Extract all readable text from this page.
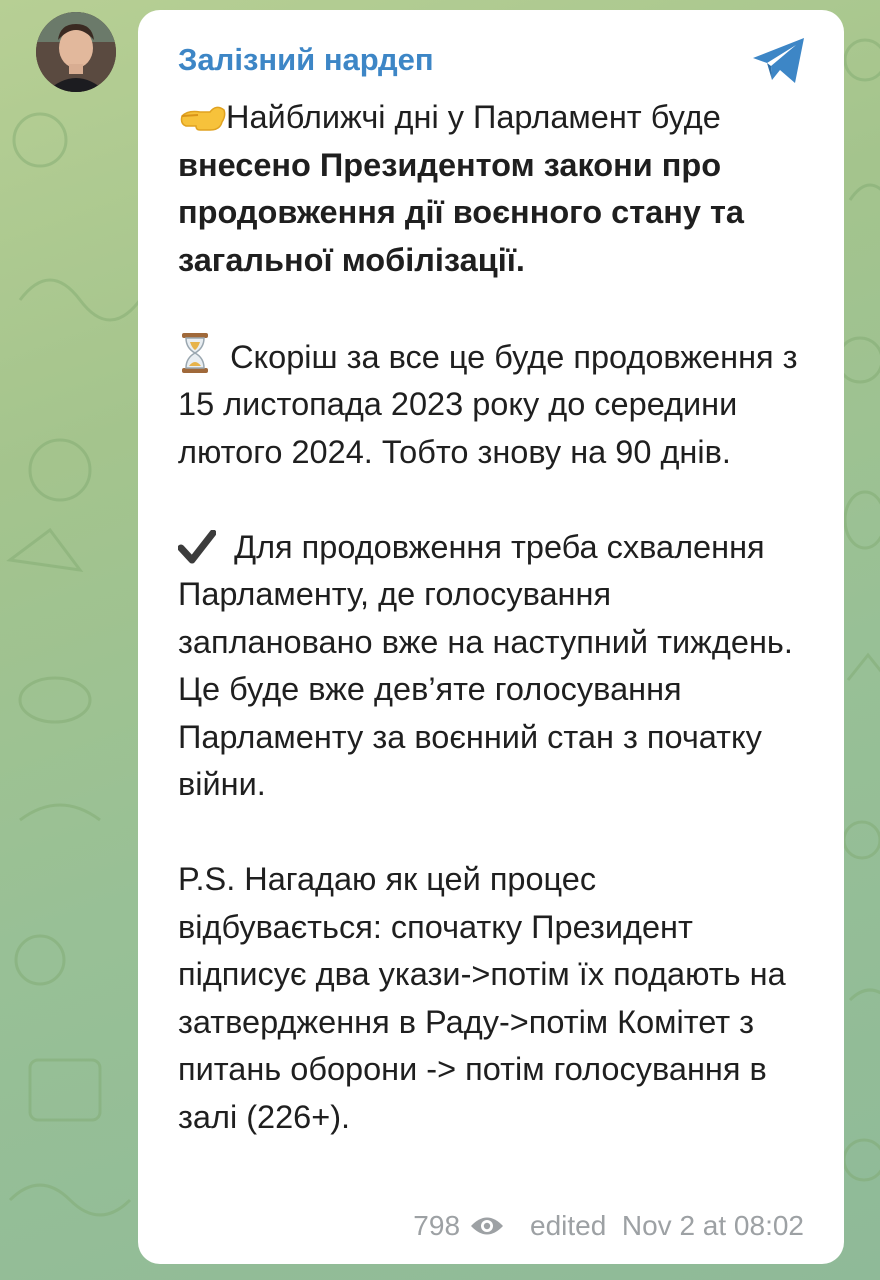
Залізний нардеп

Найближчі дні у Парламент буде внесено Президентом закони про продовження дії воєнного стану та загальної мобілізації.

Скоріш за все це буде продовження з 15 листопада 2023 року до середини лютого 2024. Тобто знову на 90 днів.

Для продовження треба схвалення Парламенту, де голосування заплановано вже на наступний тиждень. Це буде вже дев’яте голосування Парламенту за воєнний стан з початку війни.

P.S. Нагадаю як цей процес відбувається: спочатку Президент підписує два укази->потім їх подають на затвердження в Раду->потім Комітет з питань оборони -> потім голосування в залі (226+).

798	edited
Nov 2 at 08:02
